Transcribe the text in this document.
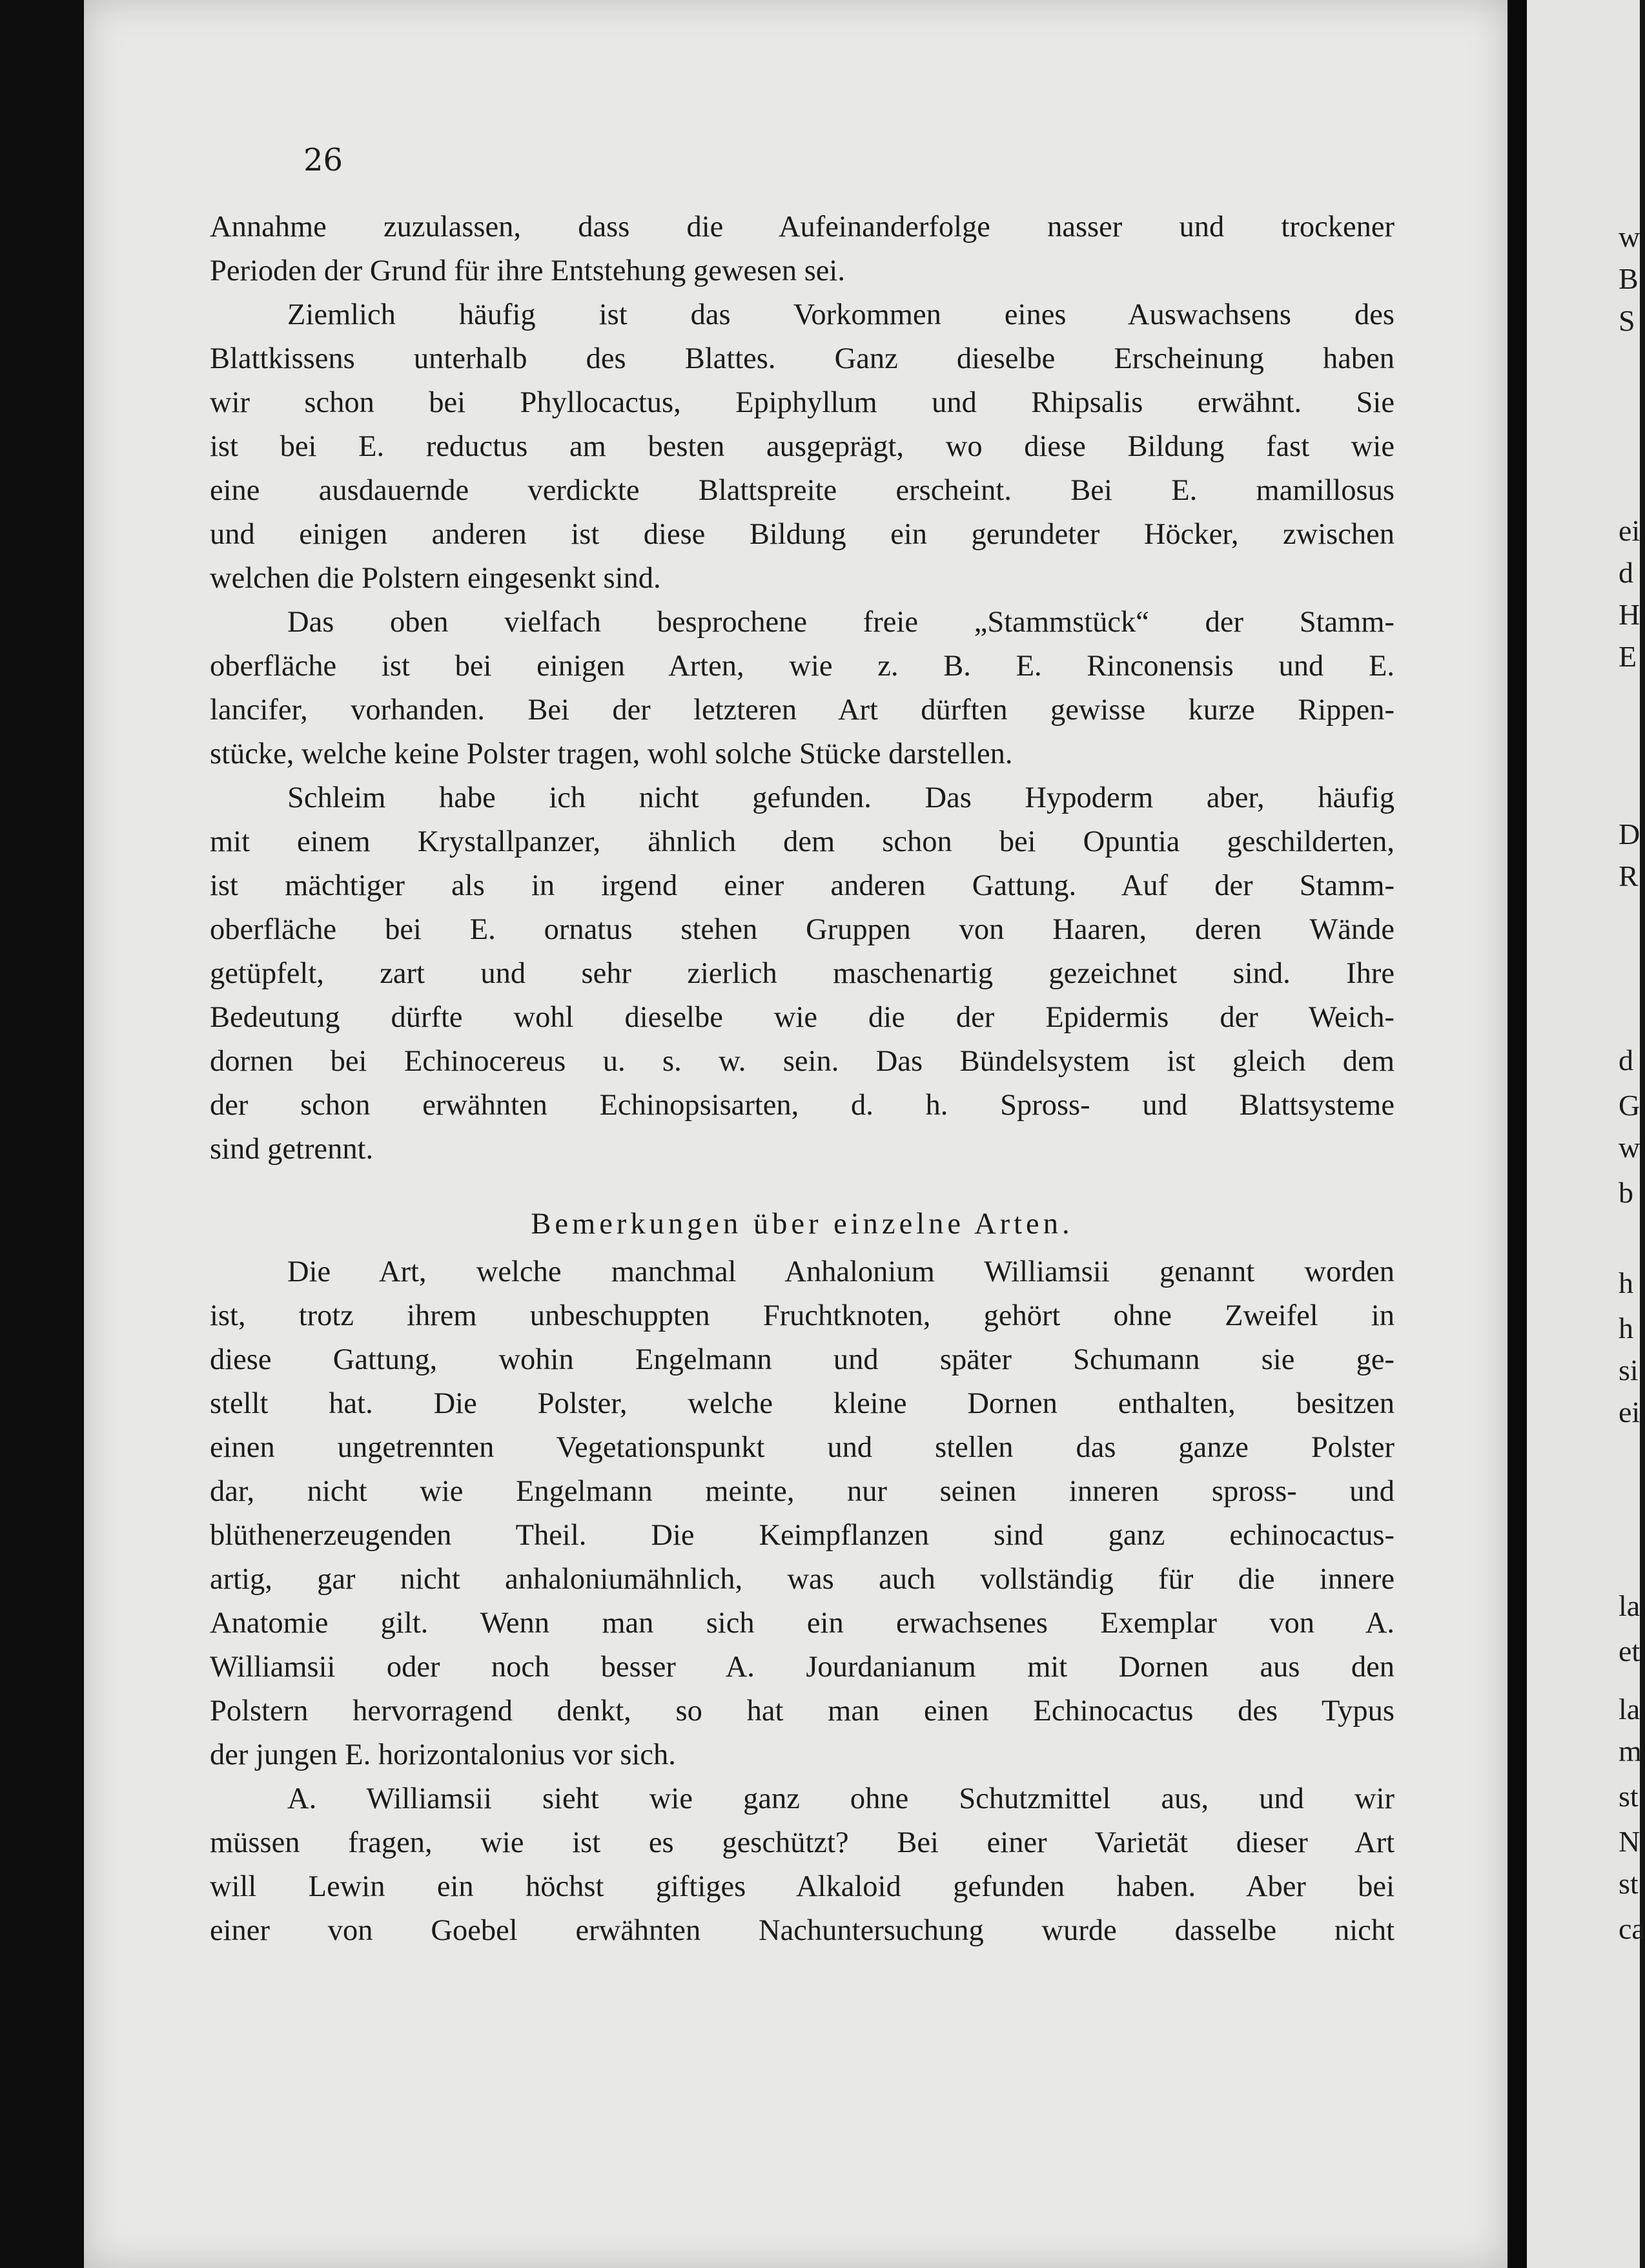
26
Annahme zuzulassen, dass die Aufeinanderfolge nasser und trockener
Perioden der Grund für ihre Entstehung gewesen sei.
Ziemlich häufig ist das Vorkommen eines Auswachsens des
Blattkissens unterhalb des Blattes. Ganz dieselbe Erscheinung haben
wir schon bei Phyllocactus, Epiphyllum und Rhipsalis erwähnt. Sie
ist bei E. reductus am besten ausgeprägt, wo diese Bildung fast wie
eine ausdauernde verdickte Blattspreite erscheint. Bei E. mamillosus
und einigen anderen ist diese Bildung ein gerundeter Höcker, zwischen
welchen die Polstern eingesenkt sind.
Das oben vielfach besprochene freie „Stammstück“ der Stamm-
oberfläche ist bei einigen Arten, wie z. B. E. Rinconensis und E.
lancifer, vorhanden. Bei der letzteren Art dürften gewisse kurze Rippen-
stücke, welche keine Polster tragen, wohl solche Stücke darstellen.
Schleim habe ich nicht gefunden. Das Hypoderm aber, häufig
mit einem Krystallpanzer, ähnlich dem schon bei Opuntia geschilderten,
ist mächtiger als in irgend einer anderen Gattung. Auf der Stamm-
oberfläche bei E. ornatus stehen Gruppen von Haaren, deren Wände
getüpfelt, zart und sehr zierlich maschenartig gezeichnet sind. Ihre
Bedeutung dürfte wohl dieselbe wie die der Epidermis der Weich-
dornen bei Echinocereus u. s. w. sein. Das Bündelsystem ist gleich dem
der schon erwähnten Echinopsisarten, d. h. Spross- und Blattsysteme
sind getrennt.
Bemerkungen über einzelne Arten.
Die Art, welche manchmal Anhalonium Williamsii genannt worden
ist, trotz ihrem unbeschuppten Fruchtknoten, gehört ohne Zweifel in
diese Gattung, wohin Engelmann und später Schumann sie ge-
stellt hat. Die Polster, welche kleine Dornen enthalten, besitzen
einen ungetrennten Vegetationspunkt und stellen das ganze Polster
dar, nicht wie Engelmann meinte, nur seinen inneren spross- und
blüthenerzeugenden Theil. Die Keimpflanzen sind ganz echinocactus-
artig, gar nicht anhaloniumähnlich, was auch vollständig für die innere
Anatomie gilt. Wenn man sich ein erwachsenes Exemplar von A.
Williamsii oder noch besser A. Jourdanianum mit Dornen aus den
Polstern hervorragend denkt, so hat man einen Echinocactus des Typus
der jungen E. horizontalonius vor sich.
A. Williamsii sieht wie ganz ohne Schutzmittel aus, und wir
müssen fragen, wie ist es geschützt? Bei einer Varietät dieser Art
will Lewin ein höchst giftiges Alkaloid gefunden haben. Aber bei
einer von Goebel erwähnten Nachuntersuchung wurde dasselbe nicht
w
B
S
ei
d
H
E
D
R
d
G
w
b
h
h
si
ei
la
et
la
m
st
N
st
ca
